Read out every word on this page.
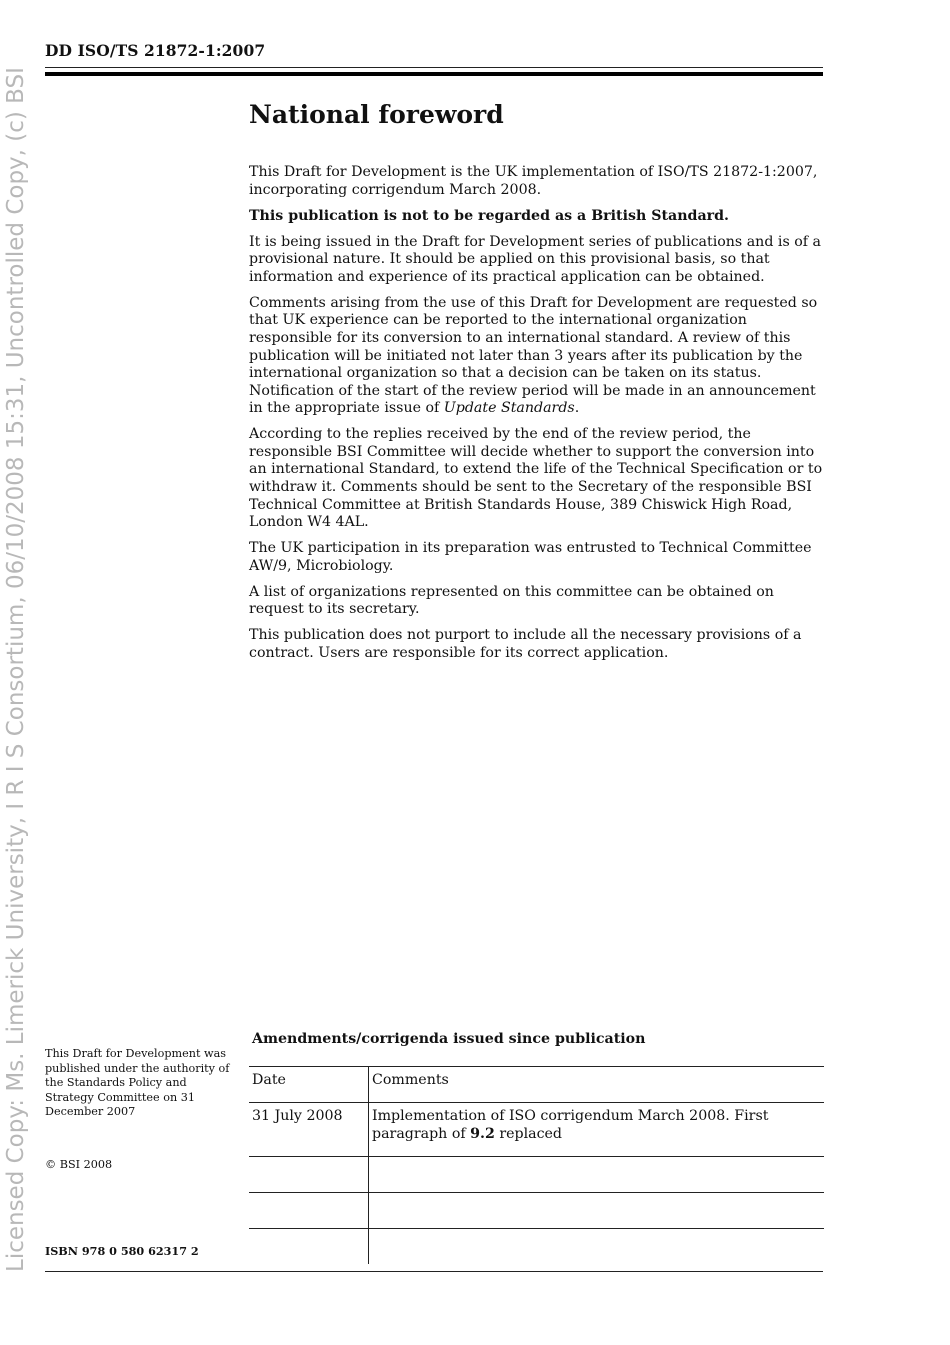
Licensed Copy: Ms. Limerick University, I R I S Consortium, 06/10/2008 15:31, Uncontrolled Copy, (c) BSI
DD ISO/TS 21872-1:2007
National foreword

This Draft for Development is the UK implementation of ISO/TS 21872-1:2007, incorporating corrigendum March 2008.

This publication is not to be regarded as a British Standard.

It is being issued in the Draft for Development series of publications and is of a provisional nature. It should be applied on this provisional basis, so that information and experience of its practical application can be obtained.

Comments arising from the use of this Draft for Development are requested so that UK experience can be reported to the international organization responsible for its conversion to an international standard. A review of this publication will be initiated not later than 3 years after its publication by the international organization so that a decision can be taken on its status. Notification of the start of the review period will be made in an announcement in the appropriate issue of Update Standards.

According to the replies received by the end of the review period, the responsible BSI Committee will decide whether to support the conversion into an international Standard, to extend the life of the Technical Specification or to withdraw it. Comments should be sent to the Secretary of the responsible BSI Technical Committee at British Standards House, 389 Chiswick High Road, London W4 4AL.

The UK participation in its preparation was entrusted to Technical Committee AW/9, Microbiology.

A list of organizations represented on this committee can be obtained on request to its secretary.

This publication does not purport to include all the necessary provisions of a contract. Users are responsible for its correct application.

This Draft for Development was published under the authority of the Standards Policy and Strategy Committee on 31 December 2007
© BSI 2008
ISBN 978 0 580 62317 2
Amendments/corrigenda issued since publication
Date	Comments
31 July 2008	Implementation of ISO corrigendum March 2008. First paragraph of 9.2 replaced
